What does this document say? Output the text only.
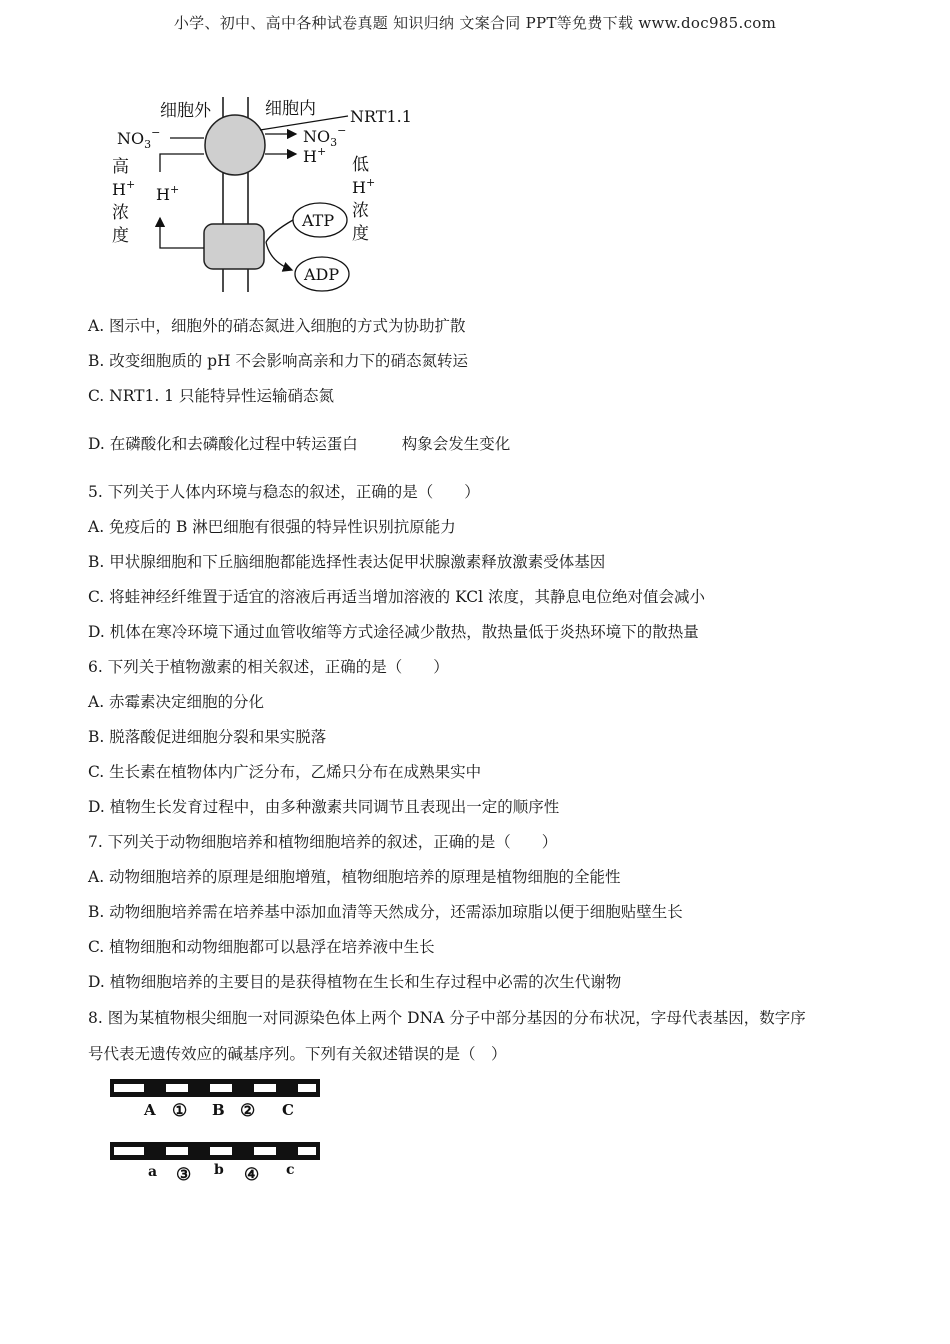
小学、初中、高中各种试卷真题 知识归纳 文案合同 PPT等免费下载 www.doc985.com
细胞外	细胞内 NRT1.1
$NO_3^-$	$NO_3^-$
H+
H+
高
H+
浓
度
低
H+
浓
度
ATP
ADP
A. 图示中，细胞外的硝态氮进入细胞的方式为协助扩散
B. 改变细胞质的 pH 不会影响高亲和力下的硝态氮转运
C. NRT1. 1 只能特异性运输硝态氮
D. 在磷酸化和去磷酸化过程中转运蛋白	构象会发生变化
5. 下列关于人体内环境与稳态的叙述，正确的是（　　）
A. 免疫后的 B 淋巴细胞有很强的特异性识别抗原能力
B. 甲状腺细胞和下丘脑细胞都能选择性表达促甲状腺激素释放激素受体基因
C. 将蛙神经纤维置于适宜的溶液后再适当增加溶液的 KCl 浓度，其静息电位绝对值会减小
D. 机体在寒冷环境下通过血管收缩等方式途径减少散热，散热量低于炎热环境下的散热量
6. 下列关于植物激素的相关叙述，正确的是（　　）
A. 赤霉素决定细胞的分化
B. 脱落酸促进细胞分裂和果实脱落
C. 生长素在植物体内广泛分布，乙烯只分布在成熟果实中
D. 植物生长发育过程中，由多种激素共同调节且表现出一定的顺序性
7. 下列关于动物细胞培养和植物细胞培养的叙述，正确的是（　　）
A. 动物细胞培养的原理是细胞增殖，植物细胞培养的原理是植物细胞的全能性
B. 动物细胞培养需在培养基中添加血清等天然成分，还需添加琼脂以便于细胞贴壁生长
C. 植物细胞和动物细胞都可以悬浮在培养液中生长
D. 植物细胞培养的主要目的是获得植物在生长和生存过程中必需的次生代谢物
8. 图为某植物根尖细胞一对同源染色体上两个 DNA 分子中部分基因的分布状况，字母代表基因，数字序
号代表无遗传效应的碱基序列。下列有关叙述错误的是（　）
A ① B ② C
a ③ b ④ c
